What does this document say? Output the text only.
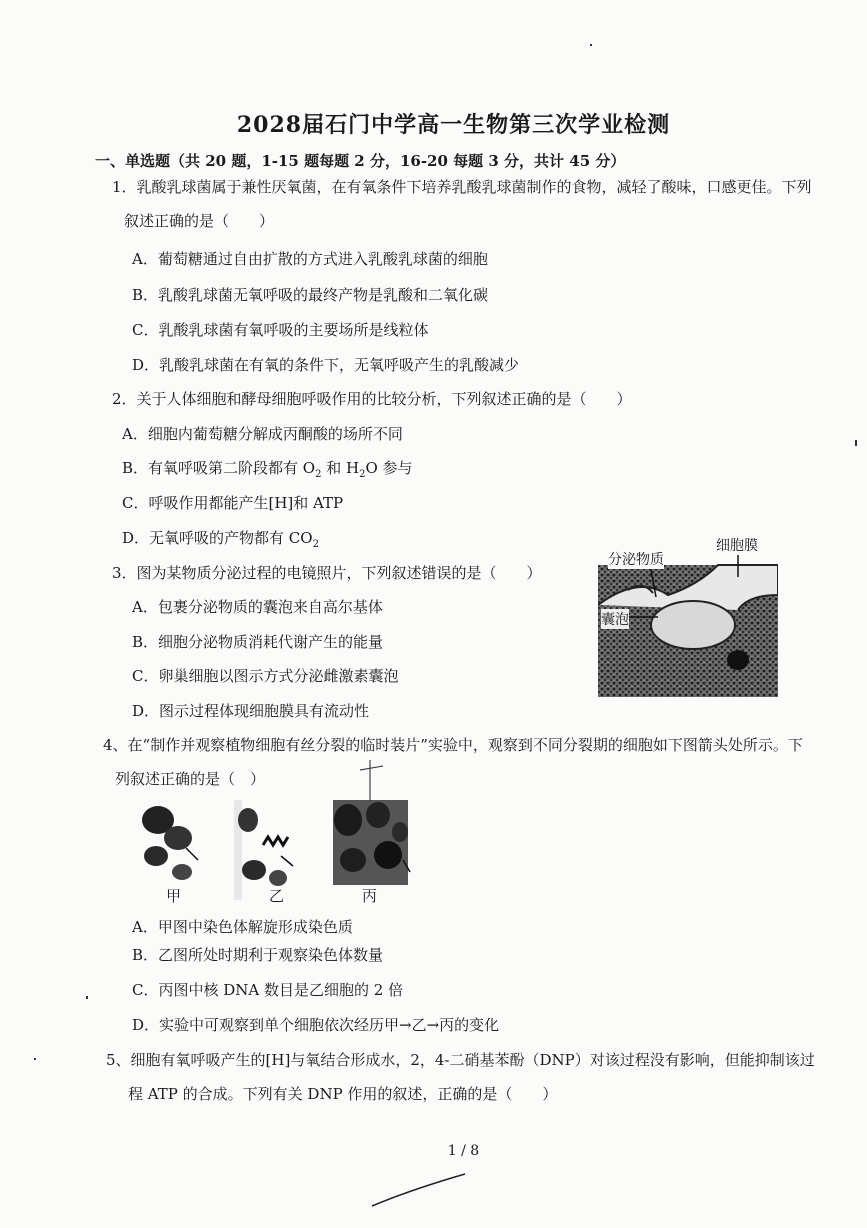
2028届石门中学高一生物第三次学业检测
一、单选题（共 20 题，1-15 题每题 2 分，16-20 每题 3 分，共计 45 分）
1．乳酸乳球菌属于兼性厌氧菌，在有氧条件下培养乳酸乳球菌制作的食物，减轻了酸味，口感更佳。下列
叙述正确的是（　　）
A．葡萄糖通过自由扩散的方式进入乳酸乳球菌的细胞
B．乳酸乳球菌无氧呼吸的最终产物是乳酸和二氧化碳
C．乳酸乳球菌有氧呼吸的主要场所是线粒体
D．乳酸乳球菌在有氧的条件下，无氧呼吸产生的乳酸减少
2．关于人体细胞和酵母细胞呼吸作用的比较分析，下列叙述正确的是（　　）
A．细胞内葡萄糖分解成丙酮酸的场所不同
B．有氧呼吸第二阶段都有 $O_2$ 和 $H_2O$ 参与
C．呼吸作用都能产生[H]和 ATP
D．无氧呼吸的产物都有 $CO_2$
3．图为某物质分泌过程的电镜照片，下列叙述错误的是（　　）
A．包裹分泌物质的囊泡来自高尔基体
B．细胞分泌物质消耗代谢产生的能量
C．卵巢细胞以图示方式分泌雌激素囊泡
D．图示过程体现细胞膜具有流动性
分泌物质
细胞膜
囊泡
4、在“制作并观察植物细胞有丝分裂的临时装片”实验中，观察到不同分裂期的细胞如下图箭头处所示。下
列叙述正确的是（　）
甲	乙	丙
A．甲图中染色体解旋形成染色质
B．乙图所处时期利于观察染色体数量
C．丙图中核 DNA 数目是乙细胞的 2 倍
D．实验中可观察到单个细胞依次经历甲→乙→丙的变化
5、细胞有氧呼吸产生的[H]与氧结合形成水，2，4-二硝基苯酚（DNP）对该过程没有影响，但能抑制该过
程 ATP 的合成。下列有关 DNP 作用的叙述，正确的是（　　）
1 / 8
